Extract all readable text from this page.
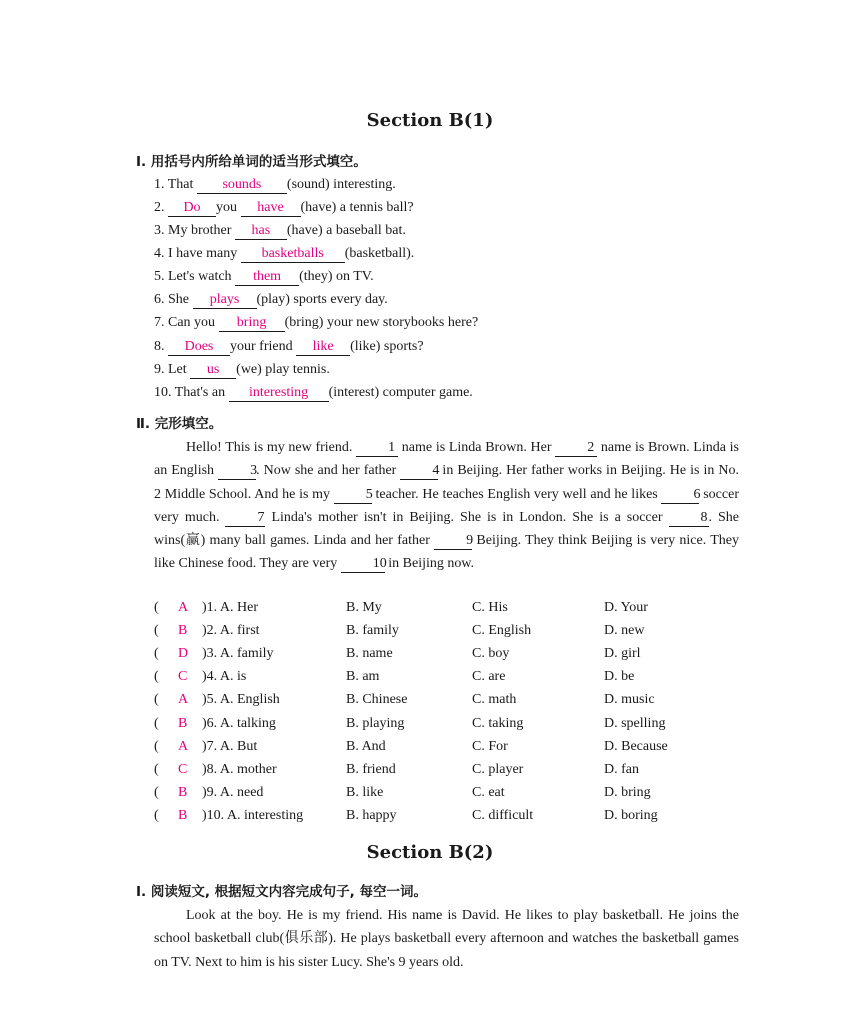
Section B(1)
Ⅰ. 用括号内所给单词的适当形式填空。
1. That sounds (sound) interesting.
2. Do you have (have) a tennis ball?
3. My brother has (have) a baseball bat.
4. I have many basketballs (basketball).
5. Let's watch them (they) on TV.
6. She plays (play) sports every day.
7. Can you bring (bring) your new storybooks here?
8. Does your friend like (like) sports?
9. Let us (we) play tennis.
10. That's an interesting (interest) computer game.
Ⅱ. 完形填空。

Hello! This is my new friend. 1 name is Linda Brown. Her 2 name is Brown. Linda is an English 3. Now she and her father 4 in Beijing. Her father works in Beijing. He is in No. 2 Middle School. And he is my 5 teacher. He teaches English very well and he likes 6 soccer very much. 7 Linda's mother isn't in Beijing. She is in London. She is a soccer 8. She wins(赢) many ball games. Linda and her father 9 Beijing. They think Beijing is very nice. They like Chinese food. They are very 10 in Beijing now.

( A )1. A. Her	B. My	C. His	D. Your
( B )2. A. first	B. family	C. English	D. new
( D )3. A. family	B. name	C. boy	D. girl
( C )4. A. is	B. am	C. are	D. be
( A )5. A. English	B. Chinese	C. math	D. music
( B )6. A. talking	B. playing	C. taking	D. spelling
( A )7. A. But	B. And	C. For	D. Because
( C )8. A. mother	B. friend	C. player	D. fan
( B )9. A. need	B. like	C. eat	D. bring
( B )10. A. interesting	B. happy	C. difficult	D. boring
Section B(2)
Ⅰ. 阅读短文, 根据短文内容完成句子, 每空一词。

Look at the boy. He is my friend. His name is David. He likes to play basketball. He joins the school basketball club(俱乐部). He plays basketball every afternoon and watches the basketball games on TV. Next to him is his sister Lucy. She's 9 years old.
